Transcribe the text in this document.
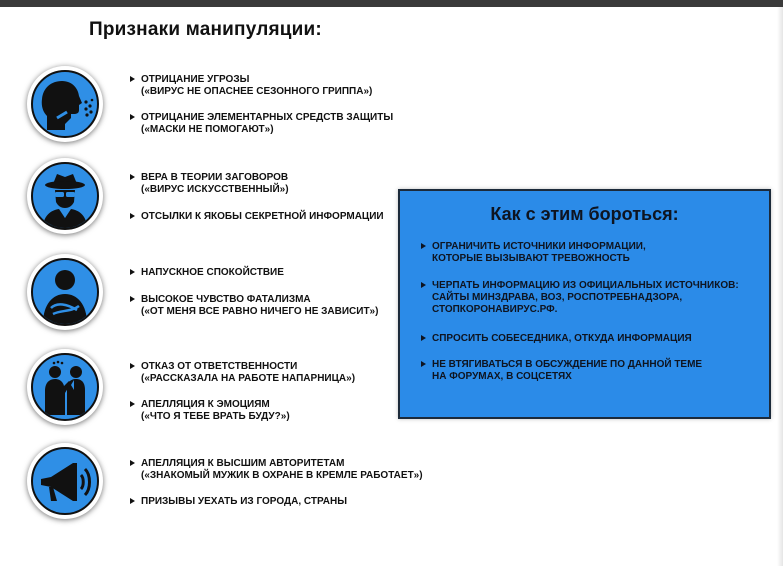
Признаки манипуляции:
ОТРИЦАНИЕ УГРОЗЫ
(«ВИРУС НЕ ОПАСНЕЕ СЕЗОННОГО ГРИППА»)
ОТРИЦАНИЕ ЭЛЕМЕНТАРНЫХ СРЕДСТВ ЗАЩИТЫ
(«МАСКИ НЕ ПОМОГАЮТ»)
ВЕРА В ТЕОРИИ ЗАГОВОРОВ
(«ВИРУС ИСКУССТВЕННЫЙ»)
ОТСЫЛКИ К ЯКОБЫ СЕКРЕТНОЙ ИНФОРМАЦИИ
НАПУСКНОЕ СПОКОЙСТВИЕ
ВЫСОКОЕ ЧУВСТВО ФАТАЛИЗМА
(«ОТ МЕНЯ ВСЕ РАВНО НИЧЕГО НЕ ЗАВИСИТ»)
ОТКАЗ ОТ ОТВЕТСТВЕННОСТИ
(«РАССКАЗАЛА НА РАБОТЕ НАПАРНИЦА»)
АПЕЛЛЯЦИЯ К ЭМОЦИЯМ
(«ЧТО Я ТЕБЕ ВРАТЬ БУДУ?»)
АПЕЛЛЯЦИЯ К ВЫСШИМ АВТОРИТЕТАМ
(«ЗНАКОМЫЙ МУЖИК В ОХРАНЕ В КРЕМЛЕ РАБОТАЕТ»)
ПРИЗЫВЫ УЕХАТЬ ИЗ ГОРОДА, СТРАНЫ
Как с этим бороться:
ОГРАНИЧИТЬ ИСТОЧНИКИ ИНФОРМАЦИИ,
КОТОРЫЕ ВЫЗЫВАЮТ ТРЕВОЖНОСТЬ
ЧЕРПАТЬ ИНФОРМАЦИЮ ИЗ ОФИЦИАЛЬНЫХ ИСТОЧНИКОВ:
САЙТЫ МИНЗДРАВА, ВОЗ, РОСПОТРЕБНАДЗОРА,
СТОПКОРОНАВИРУС.РФ.
СПРОСИТЬ СОБЕСЕДНИКА, ОТКУДА ИНФОРМАЦИЯ
НЕ ВТЯГИВАТЬСЯ В ОБСУЖДЕНИЕ ПО ДАННОЙ ТЕМЕ
НА ФОРУМАХ, В СОЦСЕТЯХ
